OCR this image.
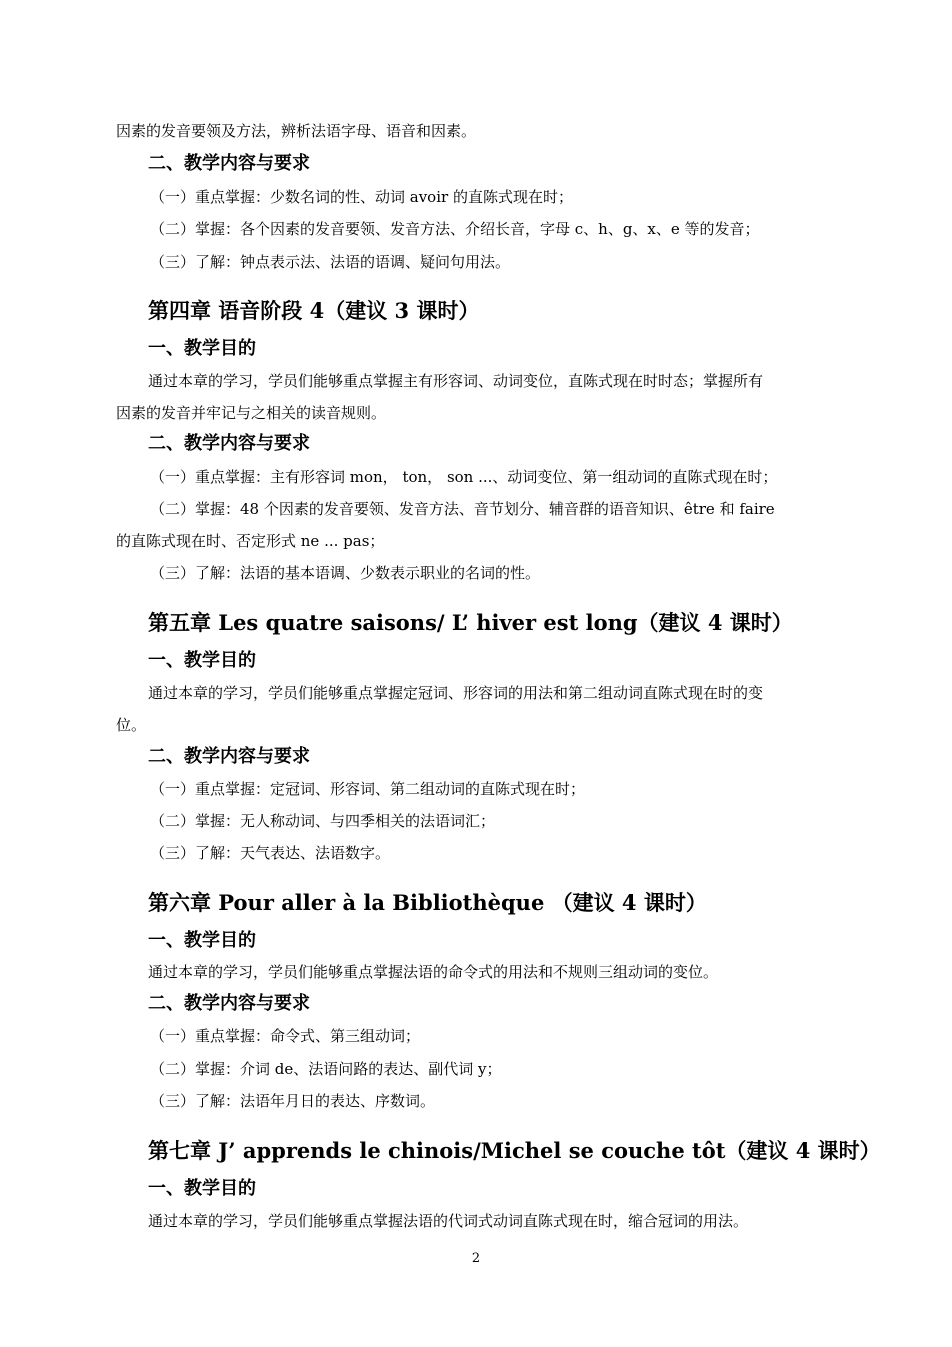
因素的发音要领及方法，辨析法语字母、语音和因素。
二、教学内容与要求
（一）重点掌握：少数名词的性、动词 avoir 的直陈式现在时；
（二）掌握：各个因素的发音要领、发音方法、介绍长音，字母 c、h、g、x、e 等的发音；
（三）了解：钟点表示法、法语的语调、疑问句用法。
第四章 语音阶段 4（建议 3 课时）
一、教学目的
通过本章的学习，学员们能够重点掌握主有形容词、动词变位，直陈式现在时时态；掌握所有
因素的发音并牢记与之相关的读音规则。
二、教学内容与要求
（一）重点掌握：主有形容词 mon， ton， son ...、动词变位、第一组动词的直陈式现在时；
（二）掌握：48 个因素的发音要领、发音方法、音节划分、辅音群的语音知识、être 和 faire
的直陈式现在时、否定形式 ne ... pas；
（三）了解：法语的基本语调、少数表示职业的名词的性。
第五章 Les quatre saisons/ L’ hiver est long（建议 4 课时）
一、教学目的
通过本章的学习，学员们能够重点掌握定冠词、形容词的用法和第二组动词直陈式现在时的变
位。
二、教学内容与要求
（一）重点掌握：定冠词、形容词、第二组动词的直陈式现在时；
（二）掌握：无人称动词、与四季相关的法语词汇；
（三）了解：天气表达、法语数字。
第六章 Pour aller à la Bibliothèque （建议 4 课时）
一、教学目的
通过本章的学习，学员们能够重点掌握法语的命令式的用法和不规则三组动词的变位。
二、教学内容与要求
（一）重点掌握：命令式、第三组动词；
（二）掌握：介词 de、法语问路的表达、副代词 y；
（三）了解：法语年月日的表达、序数词。
第七章 J’ apprends le chinois/Michel se couche tôt（建议 4 课时）
一、教学目的
通过本章的学习，学员们能够重点掌握法语的代词式动词直陈式现在时，缩合冠词的用法。
2
